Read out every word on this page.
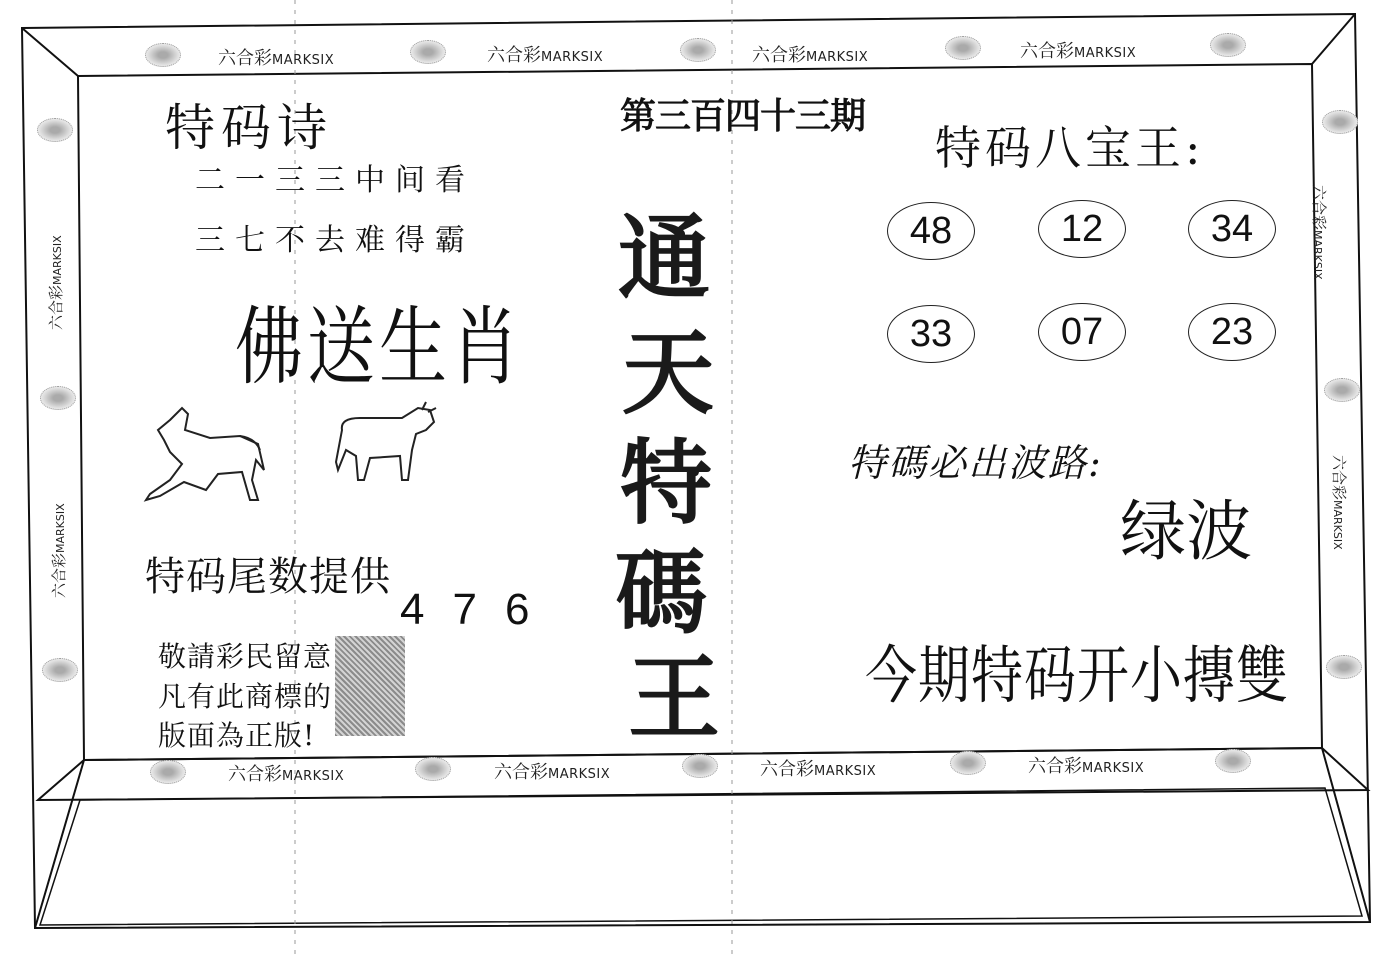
六合彩MARKSIX	六合彩MARKSIX	六合彩MARKSIX	六合彩MARKSIX
六合彩MARKSIX	六合彩MARKSIX	六合彩MARKSIX	六合彩MARKSIX
六合彩MARKSIX
六合彩MARKSIX
六合彩MARKSIX
六合彩MARKSIX
特码诗
二一三三中间看
三七不去难得霸
佛送生肖
特码尾数提供
476
敬請彩民留意
凡有此商標的
版面為正版!
第三百四十三期
通
天
特
碼
王
特码八宝王:
48	12	34
33	07	23
特碼必出波路:
绿波
今期特码开小摶雙
